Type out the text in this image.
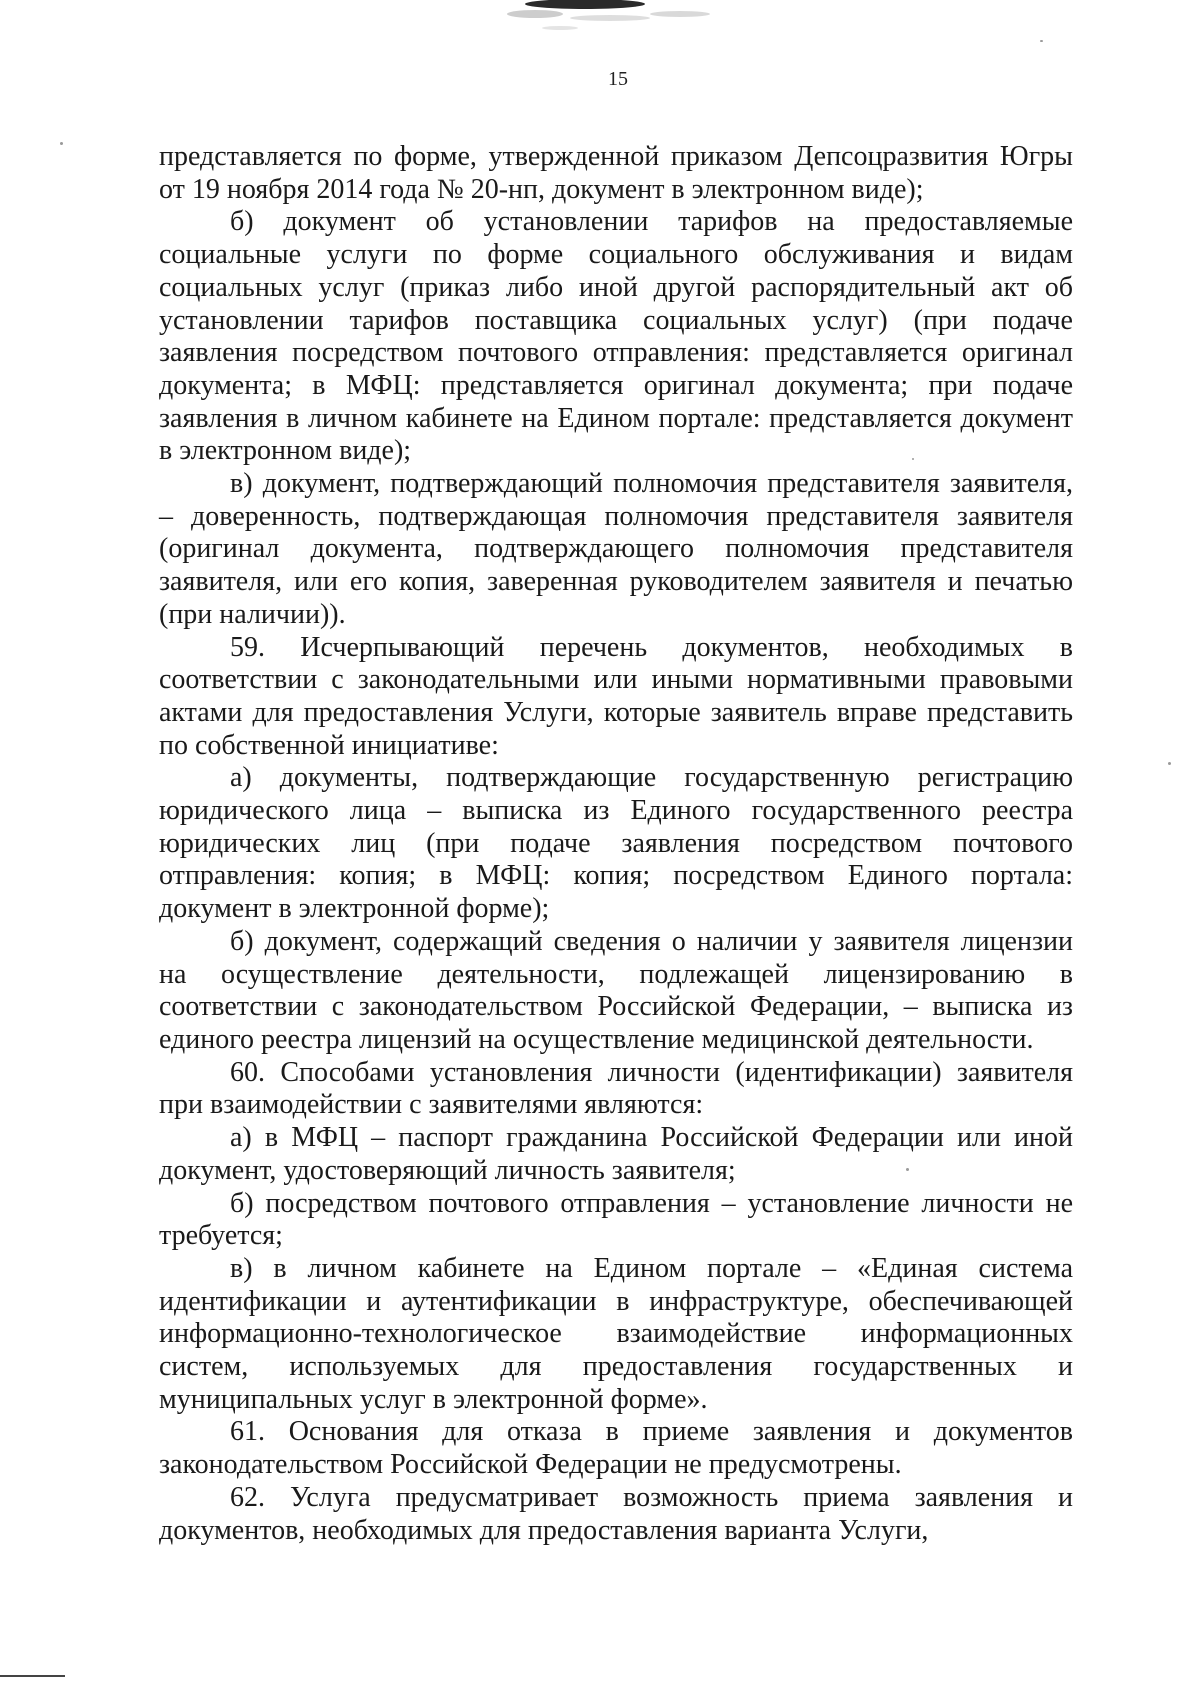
15

представляется по форме, утвержденной приказом Депсоцразвития Югры от 19 ноября 2014 года № 20-нп, документ в электронном виде);

б) документ об установлении тарифов на предоставляемые социальные услуги по форме социального обслуживания и видам социальных услуг (приказ либо иной другой распорядительный акт об установлении тарифов поставщика социальных услуг) (при подаче заявления посредством почтового отправления: представляется оригинал документа; в МФЦ: представляется оригинал документа; при подаче заявления в личном кабинете на Едином портале: представляется документ в электронном виде);

в) документ, подтверждающий полномочия представителя заявителя, – доверенность, подтверждающая полномочия представителя заявителя (оригинал документа, подтверждающего полномочия представителя заявителя, или его копия, заверенная руководителем заявителя и печатью (при наличии)).

59. Исчерпывающий перечень документов, необходимых в соответствии с законодательными или иными нормативными правовыми актами для предоставления Услуги, которые заявитель вправе представить по собственной инициативе:

а) документы, подтверждающие государственную регистрацию юридического лица – выписка из Единого государственного реестра юридических лиц (при подаче заявления посредством почтового отправления: копия; в МФЦ: копия; посредством Единого портала: документ в электронной форме);

б) документ, содержащий сведения о наличии у заявителя лицензии на осуществление деятельности, подлежащей лицензированию в соответствии с законодательством Российской Федерации, – выписка из единого реестра лицензий на осуществление медицинской деятельности.

60. Способами установления личности (идентификации) заявителя при взаимодействии с заявителями являются:

а) в МФЦ – паспорт гражданина Российской Федерации или иной документ, удостоверяющий личность заявителя;

б) посредством почтового отправления – установление личности не требуется;

в) в личном кабинете на Едином портале – «Единая система идентификации и аутентификации в инфраструктуре, обеспечивающей информационно-технологическое взаимодействие информационных систем, используемых для предоставления государственных и муниципальных услуг в электронной форме».

61. Основания для отказа в приеме заявления и документов законодательством Российской Федерации не предусмотрены.

62. Услуга предусматривает возможность приема заявления и документов, необходимых для предоставления варианта Услуги,
